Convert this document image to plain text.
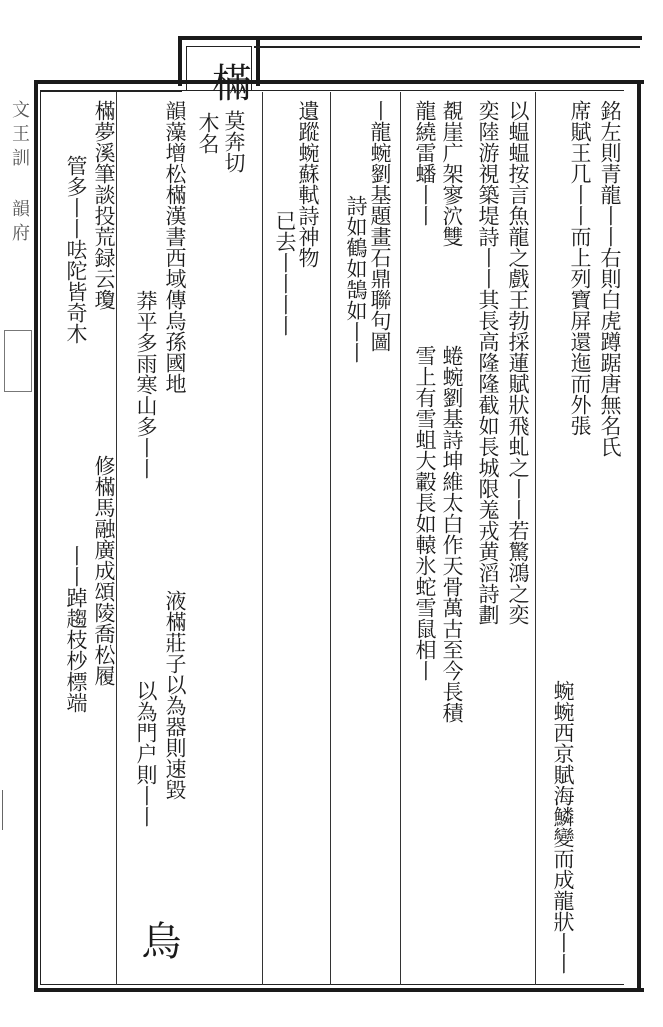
文王訓 韻府
樠
莫奔切
木名	銘左則青龍丨丨右則白虎蹲踞唐無名氏
席賦王几丨丨而上列寶屏還迤而外張
蜿蜿西京賦海鱗變而成龍狀丨丨
以蝹蝹按言魚龍之戲王勃採蓮賦狀飛虬之丨丨若驚鴻之奕
奕陸游視築堤詩丨丨其長高隆隆截如長城限羗戎黄滔詩劃
覩崖广架寥泬雙
龍繞雷蟠丨丨
蜷蜿劉基詩坤維太白作天骨萬古至今長積
雪上有雪蛆大轂長如轅氷蛇雪鼠相丨
丨龍蜿劉基題畫石鼎聯句圖
詩如鶴如鵠如丨丨
遺蹤蜿蘇軾詩神物
已去丨丨丨丨
韻藻增松樠漢書西域傳烏孫國地
莽平多雨寒山多丨丨
液樠莊子以為器則速毀
以為門户則丨丨
烏
樠夢溪筆談投荒録云瓊
管多丨丨呿陀皆奇木
修樠馬融廣成頌陵喬松履
丨丨踔趨枝杪標端
